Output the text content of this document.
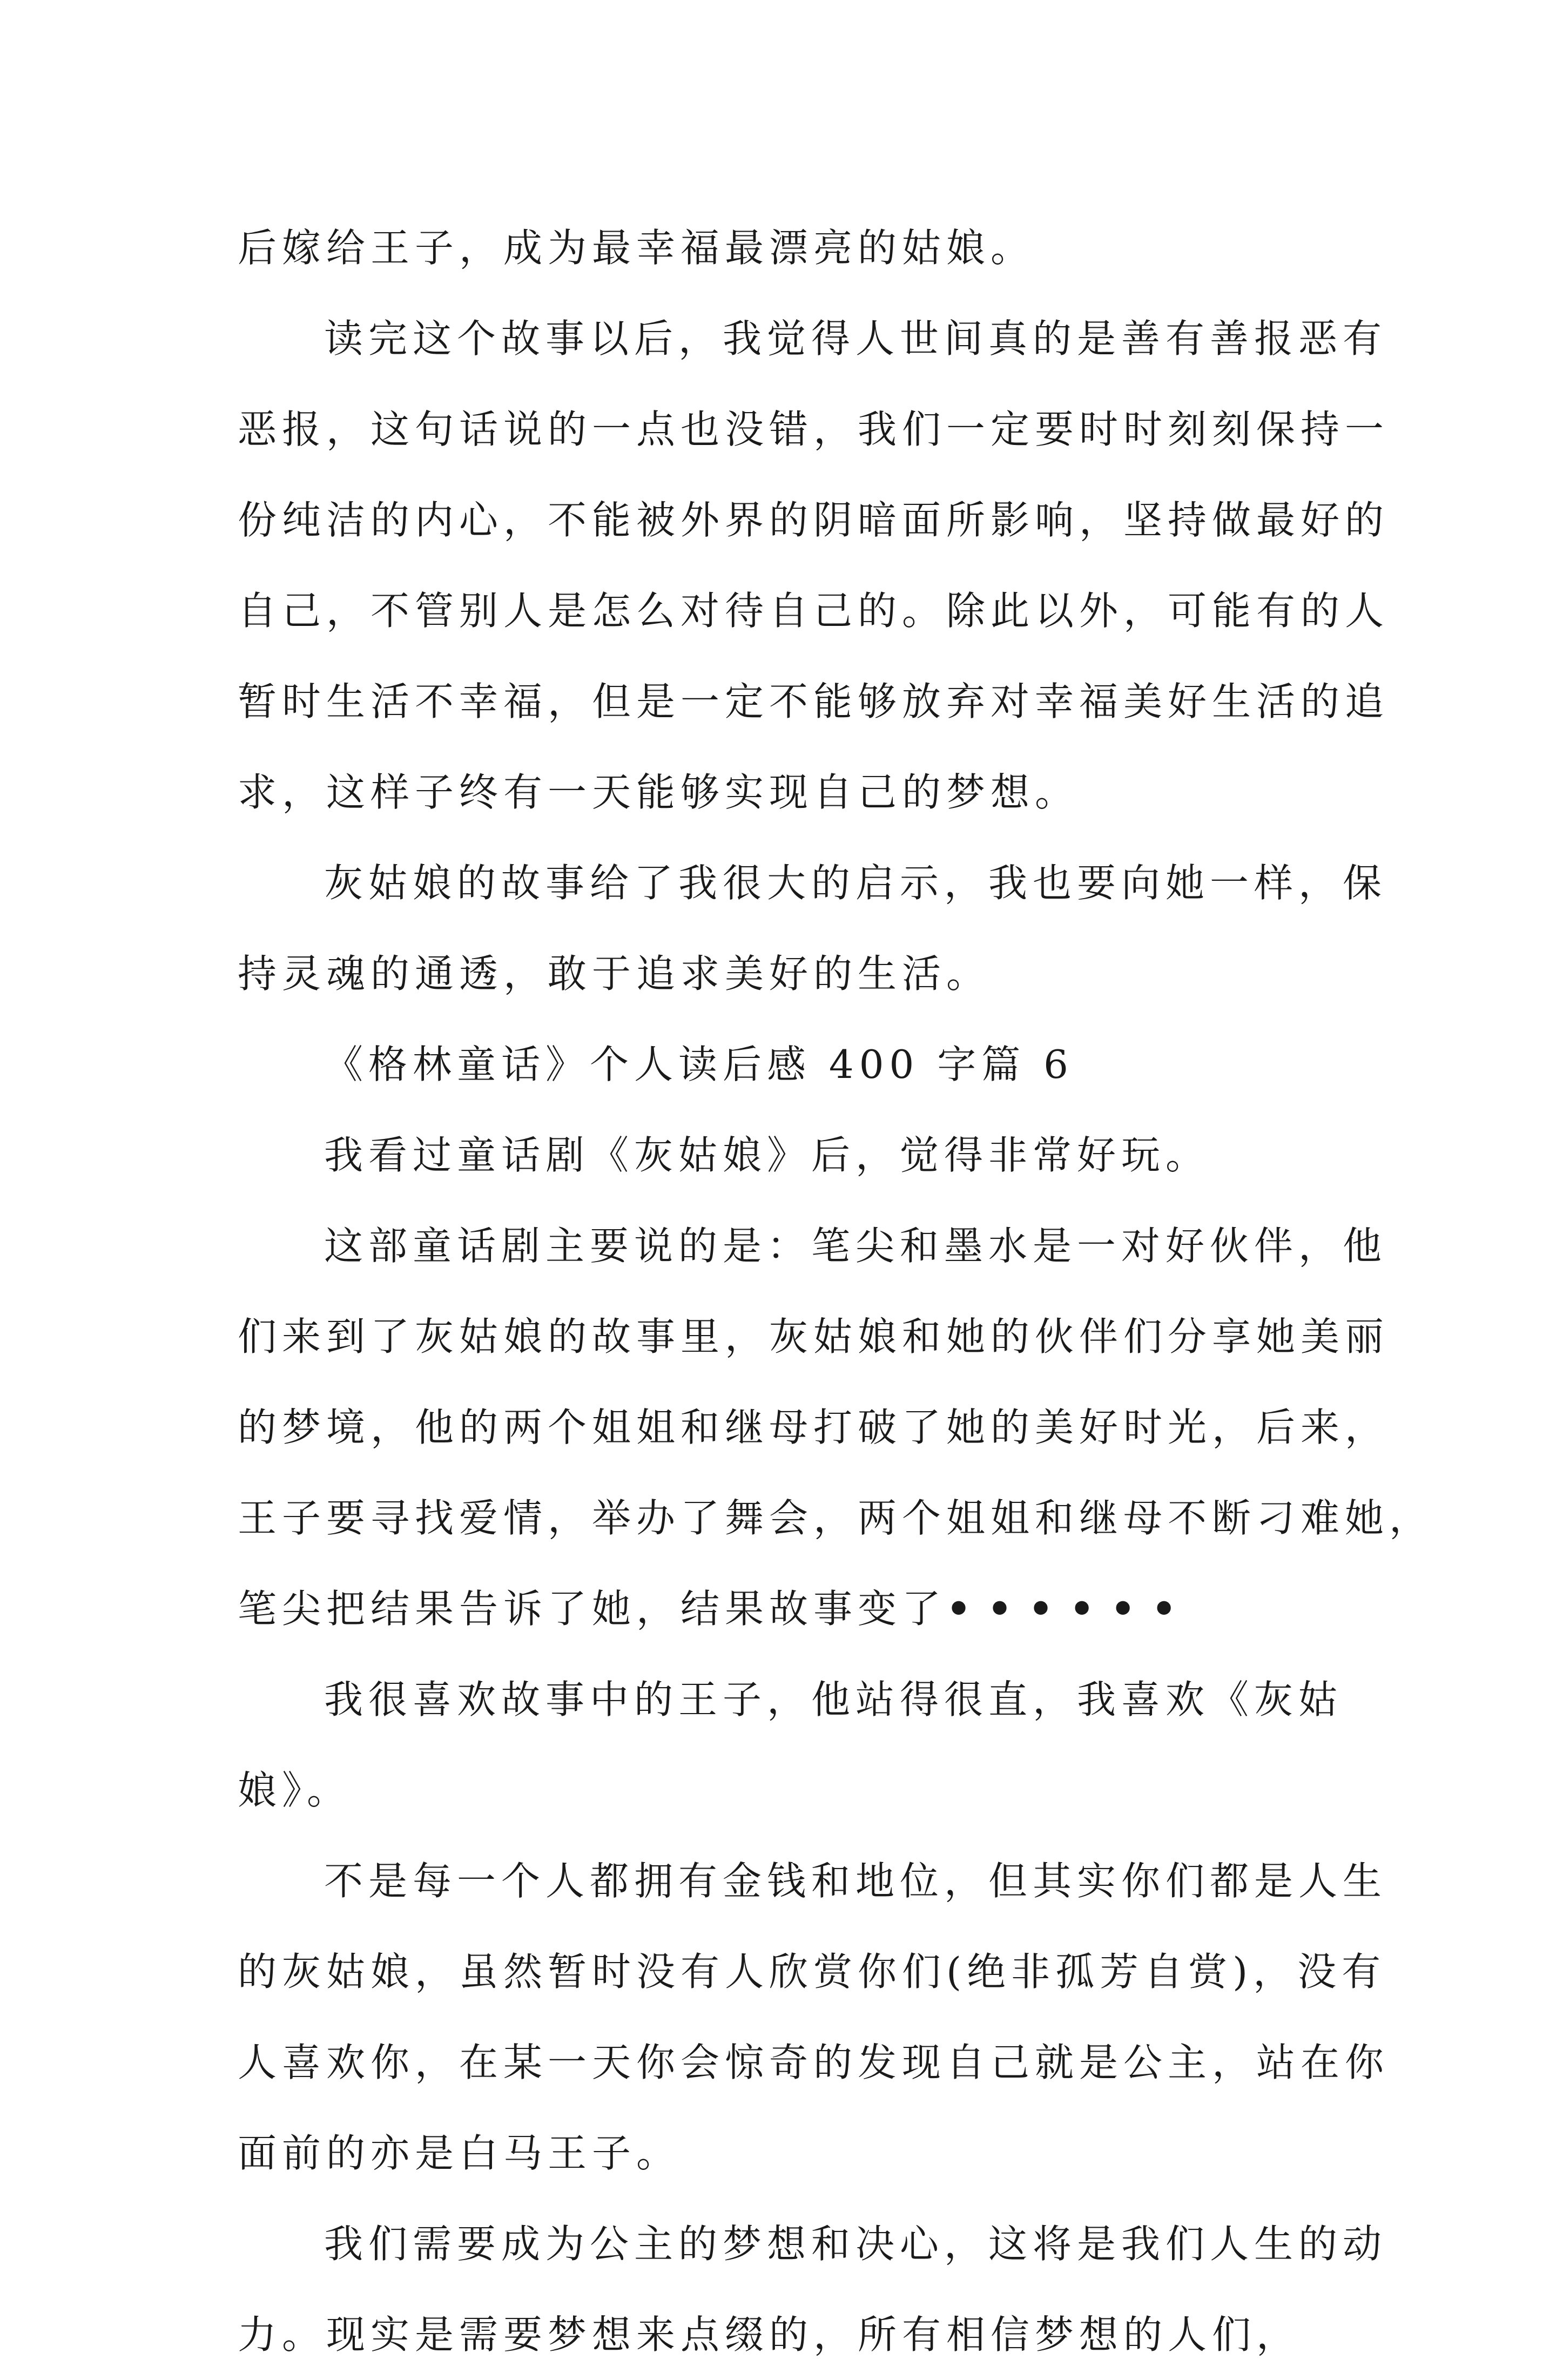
后嫁给王子，成为最幸福最漂亮的姑娘。
读完这个故事以后，我觉得人世间真的是善有善报恶有
恶报，这句话说的一点也没错，我们一定要时时刻刻保持一
份纯洁的内心，不能被外界的阴暗面所影响，坚持做最好的
自己，不管别人是怎么对待自己的。除此以外，可能有的人
暂时生活不幸福，但是一定不能够放弃对幸福美好生活的追
求，这样子终有一天能够实现自己的梦想。
灰姑娘的故事给了我很大的启示，我也要向她一样，保
持灵魂的通透，敢于追求美好的生活。
《格林童话》个人读后感 400 字篇 6
我看过童话剧《灰姑娘》后，觉得非常好玩。
这部童话剧主要说的是：笔尖和墨水是一对好伙伴，他
们来到了灰姑娘的故事里，灰姑娘和她的伙伴们分享她美丽
的梦境，他的两个姐姐和继母打破了她的美好时光，后来，
王子要寻找爱情，举办了舞会，两个姐姐和继母不断刁难她，
笔尖把结果告诉了她，结果故事变了••••••
我很喜欢故事中的王子，他站得很直，我喜欢《灰姑
娘》。
不是每一个人都拥有金钱和地位，但其实你们都是人生
的灰姑娘，虽然暂时没有人欣赏你们(绝非孤芳自赏)，没有
人喜欢你，在某一天你会惊奇的发现自己就是公主，站在你
面前的亦是白马王子。
我们需要成为公主的梦想和决心，这将是我们人生的动
力。现实是需要梦想来点缀的，所有相信梦想的人们，
